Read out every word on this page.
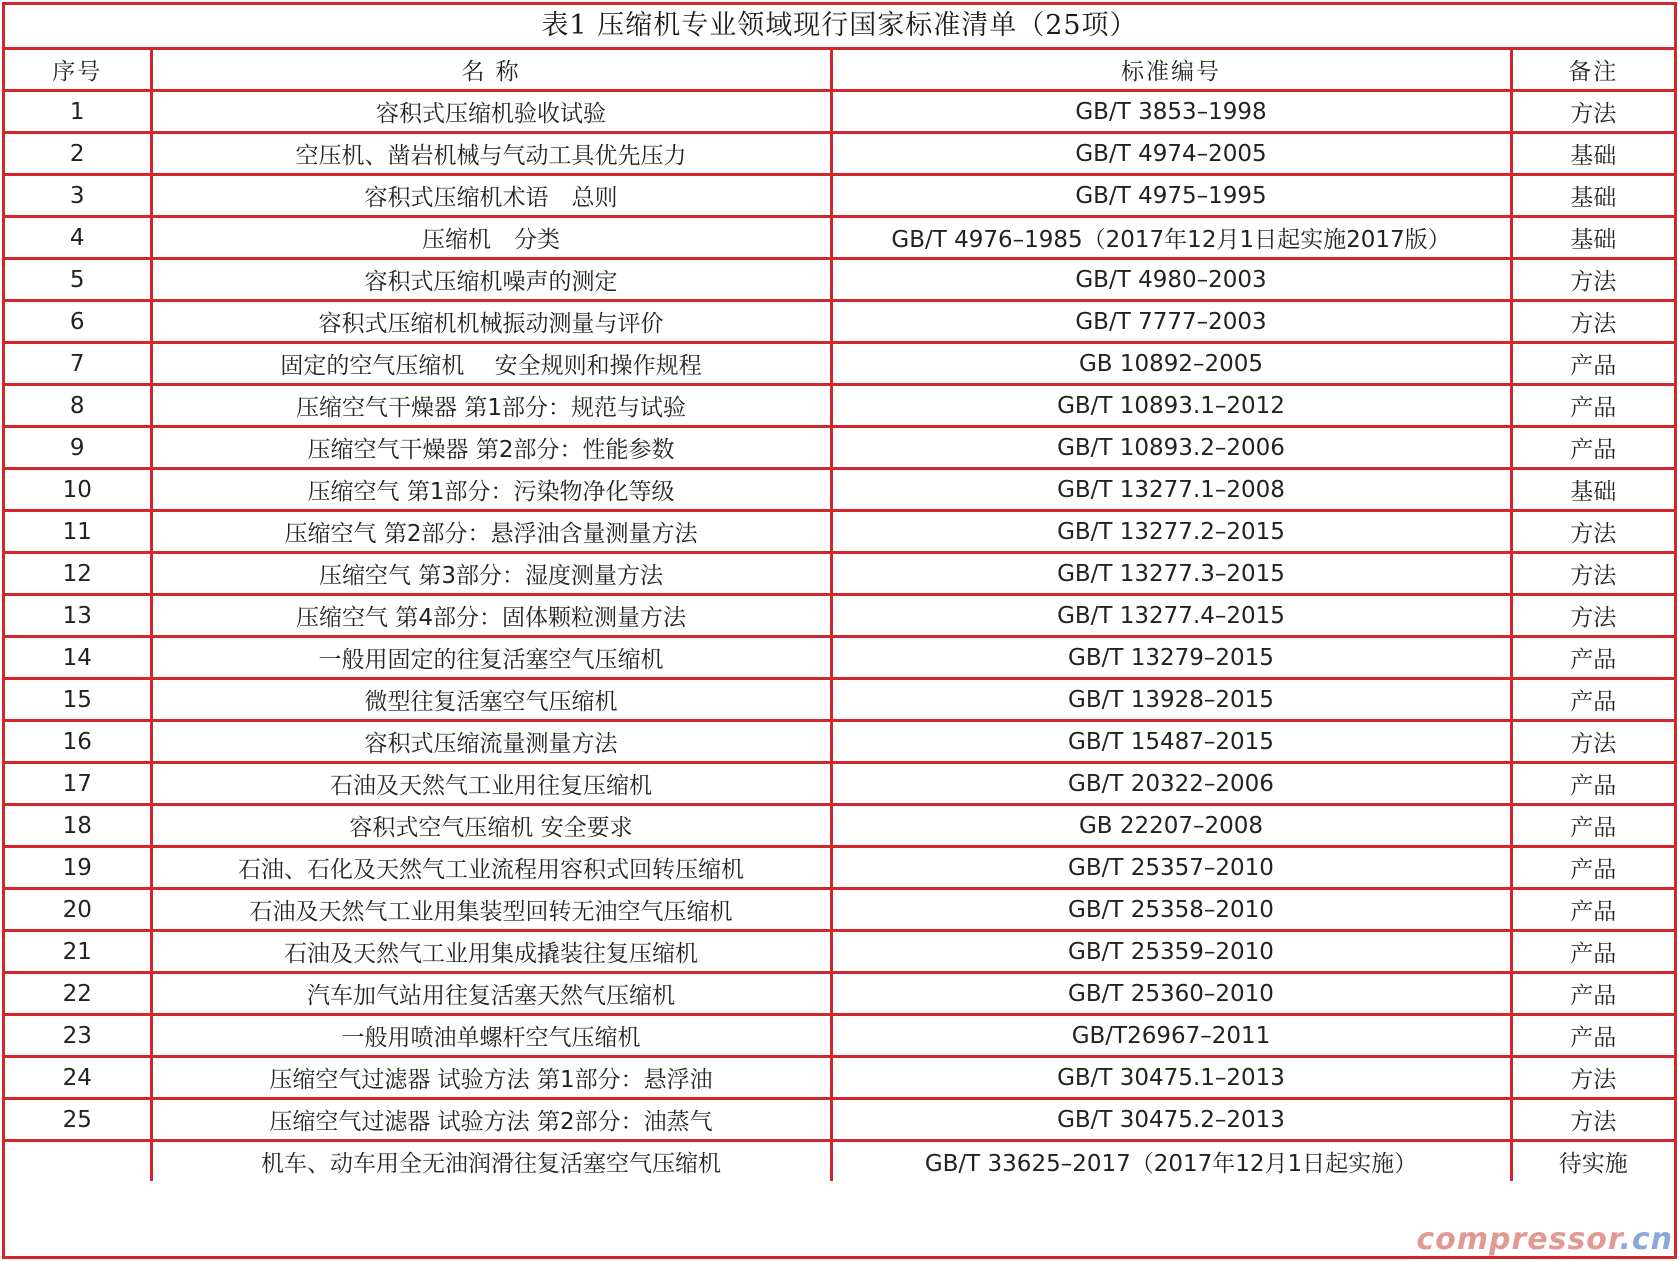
表1 压缩机专业领域现行国家标准清单（25项）
序号	名 称	标准编号	备注
1	容积式压缩机验收试验	GB/T 3853–1998	方法
2	空压机、凿岩机械与气动工具优先压力	GB/T 4974–2005	基础
3	容积式压缩机术语　总则	GB/T 4975–1995	基础
4	压缩机　分类	GB/T 4976–1985（2017年12月1日起实施2017版）	基础
5	容积式压缩机噪声的测定	GB/T 4980–2003	方法
6	容积式压缩机机械振动测量与评价	GB/T 7777–2003	方法
7	固定的空气压缩机　 安全规则和操作规程	GB 10892–2005	产品
8	压缩空气干燥器 第1部分：规范与试验	GB/T 10893.1–2012	产品
9	压缩空气干燥器 第2部分：性能参数	GB/T 10893.2–2006	产品
10	压缩空气 第1部分：污染物净化等级	GB/T 13277.1–2008	基础
11	压缩空气 第2部分：悬浮油含量测量方法	GB/T 13277.2–2015	方法
12	压缩空气 第3部分：湿度测量方法	GB/T 13277.3–2015	方法
13	压缩空气 第4部分：固体颗粒测量方法	GB/T 13277.4–2015	方法
14	一般用固定的往复活塞空气压缩机	GB/T 13279–2015	产品
15	微型往复活塞空气压缩机	GB/T 13928–2015	产品
16	容积式压缩流量测量方法	GB/T 15487–2015	方法
17	石油及天然气工业用往复压缩机	GB/T 20322–2006	产品
18	容积式空气压缩机 安全要求	GB 22207–2008	产品
19	石油、石化及天然气工业流程用容积式回转压缩机	GB/T 25357–2010	产品
20	石油及天然气工业用集装型回转无油空气压缩机	GB/T 25358–2010	产品
21	石油及天然气工业用集成撬装往复压缩机	GB/T 25359–2010	产品
22	汽车加气站用往复活塞天然气压缩机	GB/T 25360–2010	产品
23	一般用喷油单螺杆空气压缩机	GB/T26967–2011	产品
24	压缩空气过滤器 试验方法 第1部分：悬浮油	GB/T 30475.1–2013	方法
25	压缩空气过滤器 试验方法 第2部分：油蒸气	GB/T 30475.2–2013	方法
	机车、动车用全无油润滑往复活塞空气压缩机	GB/T 33625–2017（2017年12月1日起实施）	待实施
compressor.cn
